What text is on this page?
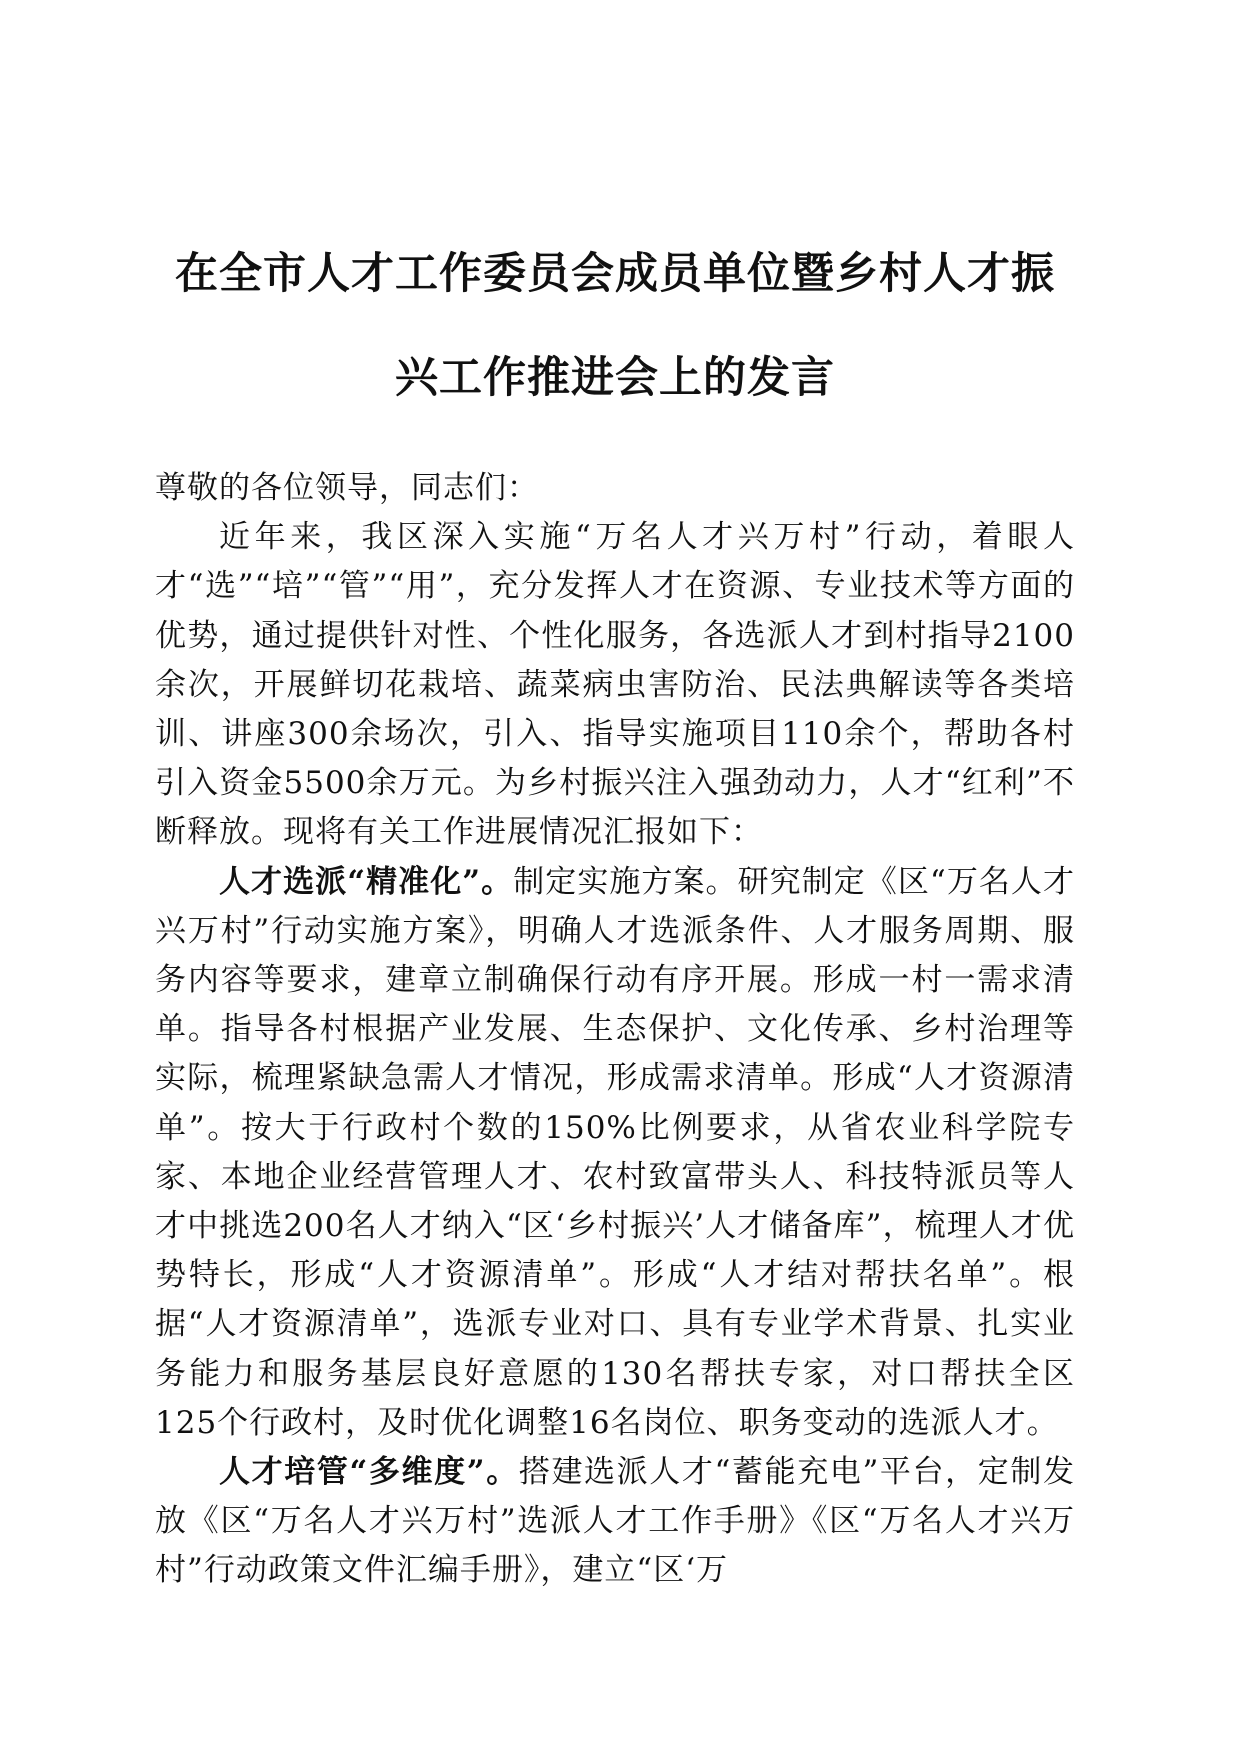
在全市人才工作委员会成员单位暨乡村人才振
兴工作推进会上的发言

尊敬的各位领导，同志们：

近年来，我区深入实施“万名人才兴万村”行动，着眼人才“选”“培”“管”“用”，充分发挥人才在资源、专业技术等方面的优势，通过提供针对性、个性化服务，各选派人才到村指导2100余次，开展鲜切花栽培、蔬菜病虫害防治、民法典解读等各类培训、讲座300余场次，引入、指导实施项目110余个，帮助各村引入资金5500余万元。为乡村振兴注入强劲动力，人才“红利”不断释放。现将有关工作进展情况汇报如下：

人才选派“精准化”。制定实施方案。研究制定《区“万名人才兴万村”行动实施方案》，明确人才选派条件、人才服务周期、服务内容等要求，建章立制确保行动有序开展。形成一村一需求清单。指导各村根据产业发展、生态保护、文化传承、乡村治理等实际，梳理紧缺急需人才情况，形成需求清单。形成“人才资源清单”。按大于行政村个数的150%比例要求，从省农业科学院专家、本地企业经营管理人才、农村致富带头人、科技特派员等人才中挑选200名人才纳入“区‘乡村振兴’人才储备库”，梳理人才优势特长，形成“人才资源清单”。形成“人才结对帮扶名单”。根据“人才资源清单”，选派专业对口、具有专业学术背景、扎实业务能力和服务基层良好意愿的130名帮扶专家，对口帮扶全区125个行政村，及时优化调整16名岗位、职务变动的选派人才。

人才培管“多维度”。搭建选派人才“蓄能充电”平台，定制发放《区“万名人才兴万村”选派人才工作手册》《区“万名人才兴万村”行动政策文件汇编手册》，建立“区‘万
